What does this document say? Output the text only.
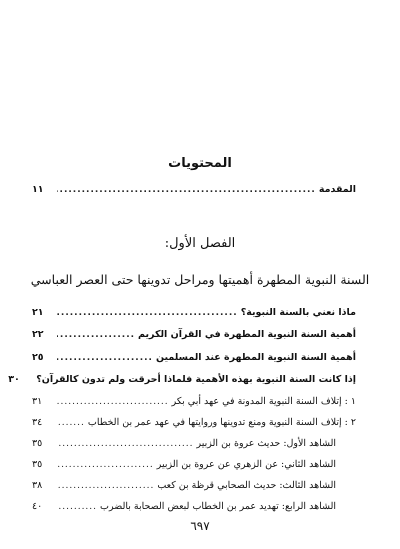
المحتويات
المقدمة
.....
١١
الفصل الأول:
السنة النبوية المطهرة أهميتها ومراحل تدوينها حتى العصر العباسي
ماذا نعني بالسنة النبوية؟
.....
٢١
أهمية السنة النبوية المطهرة في القرآن الكريم
.....
٢٢
أهمية السنة النبوية المطهرة عند المسلمين
.....
٢٥
إذا كانت السنة النبوية بهذه الأهمية فلماذا أحرقت ولم تدون كالقرآن؟
٣٠
١ : إتلاف السنة النبوية المدونة في عهد أبي بكر
.....
٣١
٢ : إتلاف السنة النبوية ومنع تدوينها وروايتها في عهد عمر بن الخطاب
.....
٣٤
الشاهد الأول: حديث عروة بن الزبير
.....
٣٥
الشاهد الثاني: عن الزهري عن عروة بن الزبير
.....
٣٥
الشاهد الثالث: حديث الصحابي قرظة بن كعب
.....
٣٨
الشاهد الرابع: تهديد عمر بن الخطاب لبعض الصحابة بالضرب
.....
٤٠
٦٩٧
